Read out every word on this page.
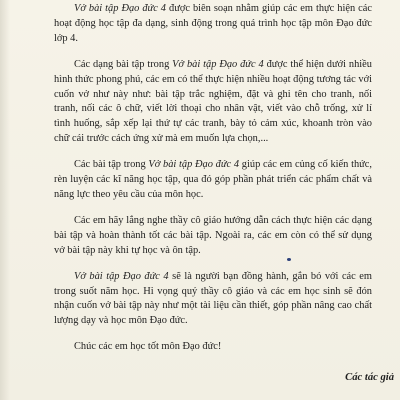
Vở bài tập Đạo đức 4 được biên soạn nhằm giúp các em thực hiện các hoạt động học tập đa dạng, sinh động trong quá trình học tập môn Đạo đức lớp 4.

Các dạng bài tập trong Vở bài tập Đạo đức 4 được thể hiện dưới nhiều hình thức phong phú, các em có thể thực hiện nhiều hoạt động tương tác với cuốn vở như này như: bài tập trắc nghiệm, đặt và ghi tên cho tranh, nối tranh, nối các ô chữ, viết lời thoại cho nhân vật, viết vào chỗ trống, xử lí tình huống, sắp xếp lại thứ tự các tranh, bày tỏ cảm xúc, khoanh tròn vào chữ cái trước cách ứng xử mà em muốn lựa chọn,...

Các bài tập trong Vở bài tập Đạo đức 4 giúp các em củng cố kiến thức, rèn luyện các kĩ năng học tập, qua đó góp phần phát triển các phẩm chất và năng lực theo yêu cầu của môn học.

Các em hãy lắng nghe thầy cô giáo hướng dẫn cách thực hiện các dạng bài tập và hoàn thành tốt các bài tập. Ngoài ra, các em còn có thể sử dụng vở bài tập này khi tự học và ôn tập.

Vở bài tập Đạo đức 4 sẽ là người bạn đồng hành, gắn bó với các em trong suốt năm học. Hi vọng quý thầy cô giáo và các em học sinh sẽ đón nhận cuốn vở bài tập này như một tài liệu cần thiết, góp phần nâng cao chất lượng dạy và học môn Đạo đức.

Chúc các em học tốt môn Đạo đức!

Các tác giả
